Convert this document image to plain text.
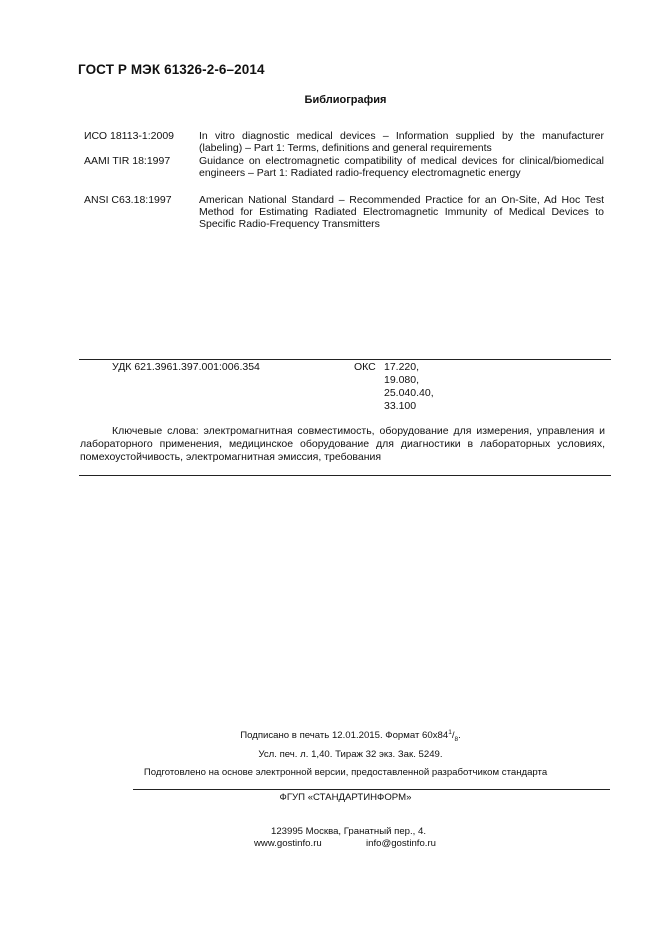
ГОСТ Р МЭК 61326-2-6–2014
Библиография
ИСО 18113-1:2009 In vitro diagnostic medical devices – Information supplied by the manufacturer (labeling) – Part 1: Terms, definitions and general requirements
AAMI TIR 18:1997	Guidance on electromagnetic compatibility of medical devices for clinical/biomedical engineers – Part 1: Radiated radio-frequency electromagnetic energy
ANSI C63.18:1997	American National Standard – Recommended Practice for an On-Site, Ad Hoc Test Method for Estimating Radiated Electromagnetic Immunity of Medical Devices to Specific Radio-Frequency Transmitters
УДК 621.3961.397.001:006.354	ОКС 17.220,
19.080,
25.040.40,
33.100
Ключевые слова: электромагнитная совместимость, оборудование для измерения, управления и лабораторного применения, медицинское оборудование для диагностики в лабораторных условиях, помехоустойчивость, электромагнитная эмиссия, требования
Подписано в печать 12.01.2015. Формат $60х84^1/_8$.
Усл. печ. л. 1,40. Тираж 32 экз. Зак. 5249.
Подготовлено на основе электронной версии, предоставленной разработчиком стандарта
ФГУП «СТАНДАРТИНФОРМ»
123995 Москва, Гранатный пер., 4.
www.gostinfo.ru	info@gostinfo.ru
